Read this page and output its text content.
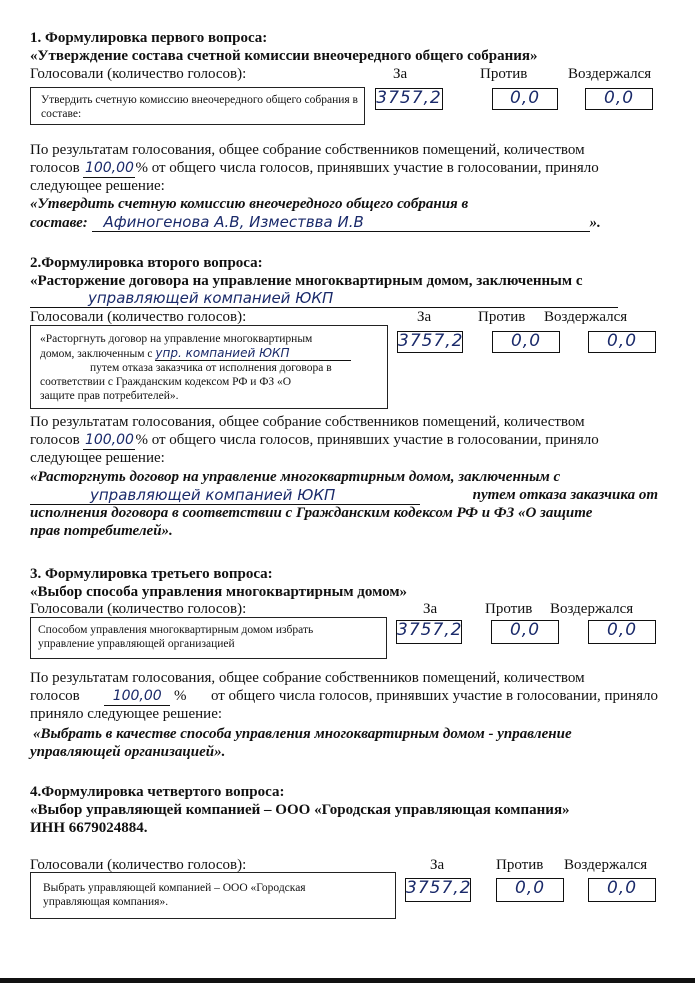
1. Формулировка первого вопроса:
«Утверждение состава счетной комиссии внеочередного общего собрания»
Голосовали (количество голосов):	За	Против	Воздержался
Утвердить счетную комиссию внеочередного общего собрания в составе:
3757,2	0,0	0,0
По результатам голосования, общее собрание собственников помещений, количеством
голосов 100,00 % от общего числа голосов, принявших участие в голосовании, приняло
следующее решение:
«Утвердить счетную комиссию внеочередного общего собрания в
составе: Афиногенова А.В, Измествва И.В	».
2.Формулировка второго вопроса:
«Расторжение договора на управление многоквартирным домом, заключенным с
управляющей компанией ЮКП
Голосовали (количество голосов):	За	Против Воздержался
«Расторгнуть договор на управление многоквартирным
домом, заключенным с упр. компанией ЮКП
путем отказа заказчика от исполнения договора в
соответствии с Гражданским кодексом РФ и ФЗ «О
защите прав потребителей».
3757,2	0,0	0,0
По результатам голосования, общее собрание собственников помещений, количеством
голосов 100,00 % от общего числа голосов, принявших участие в голосовании, приняло
следующее решение:
«Расторгнуть договор на управление многоквартирным домом, заключенным с
управляющей компанией ЮКП	путем отказа заказчика от
исполнения договора в соответствии с Гражданским кодексом РФ и ФЗ «О защите
прав потребителей».
3. Формулировка третьего вопроса:
«Выбор способа управления многоквартирным домом»
Голосовали (количество голосов):	За	Против Воздержался
Способом управления многоквартирным домом избрать
управление управляющей организацией
3757,2	0,0	0,0
По результатам голосования, общее собрание собственников помещений, количеством
голосов	100,00 % от общего числа голосов, принявших участие в голосовании, приняло
приняло следующее решение:
«Выбрать в качестве способа управления многоквартирным домом - управление
управляющей организацией».
4.Формулировка четвертого вопроса:
«Выбор управляющей компанией – ООО «Городская управляющая компания»
ИНН 6679024884.
Голосовали (количество голосов):	За	Против Воздержался
Выбрать управляющей компанией – ООО «Городская
управляющая компания».
3757,2	0,0	0,0
